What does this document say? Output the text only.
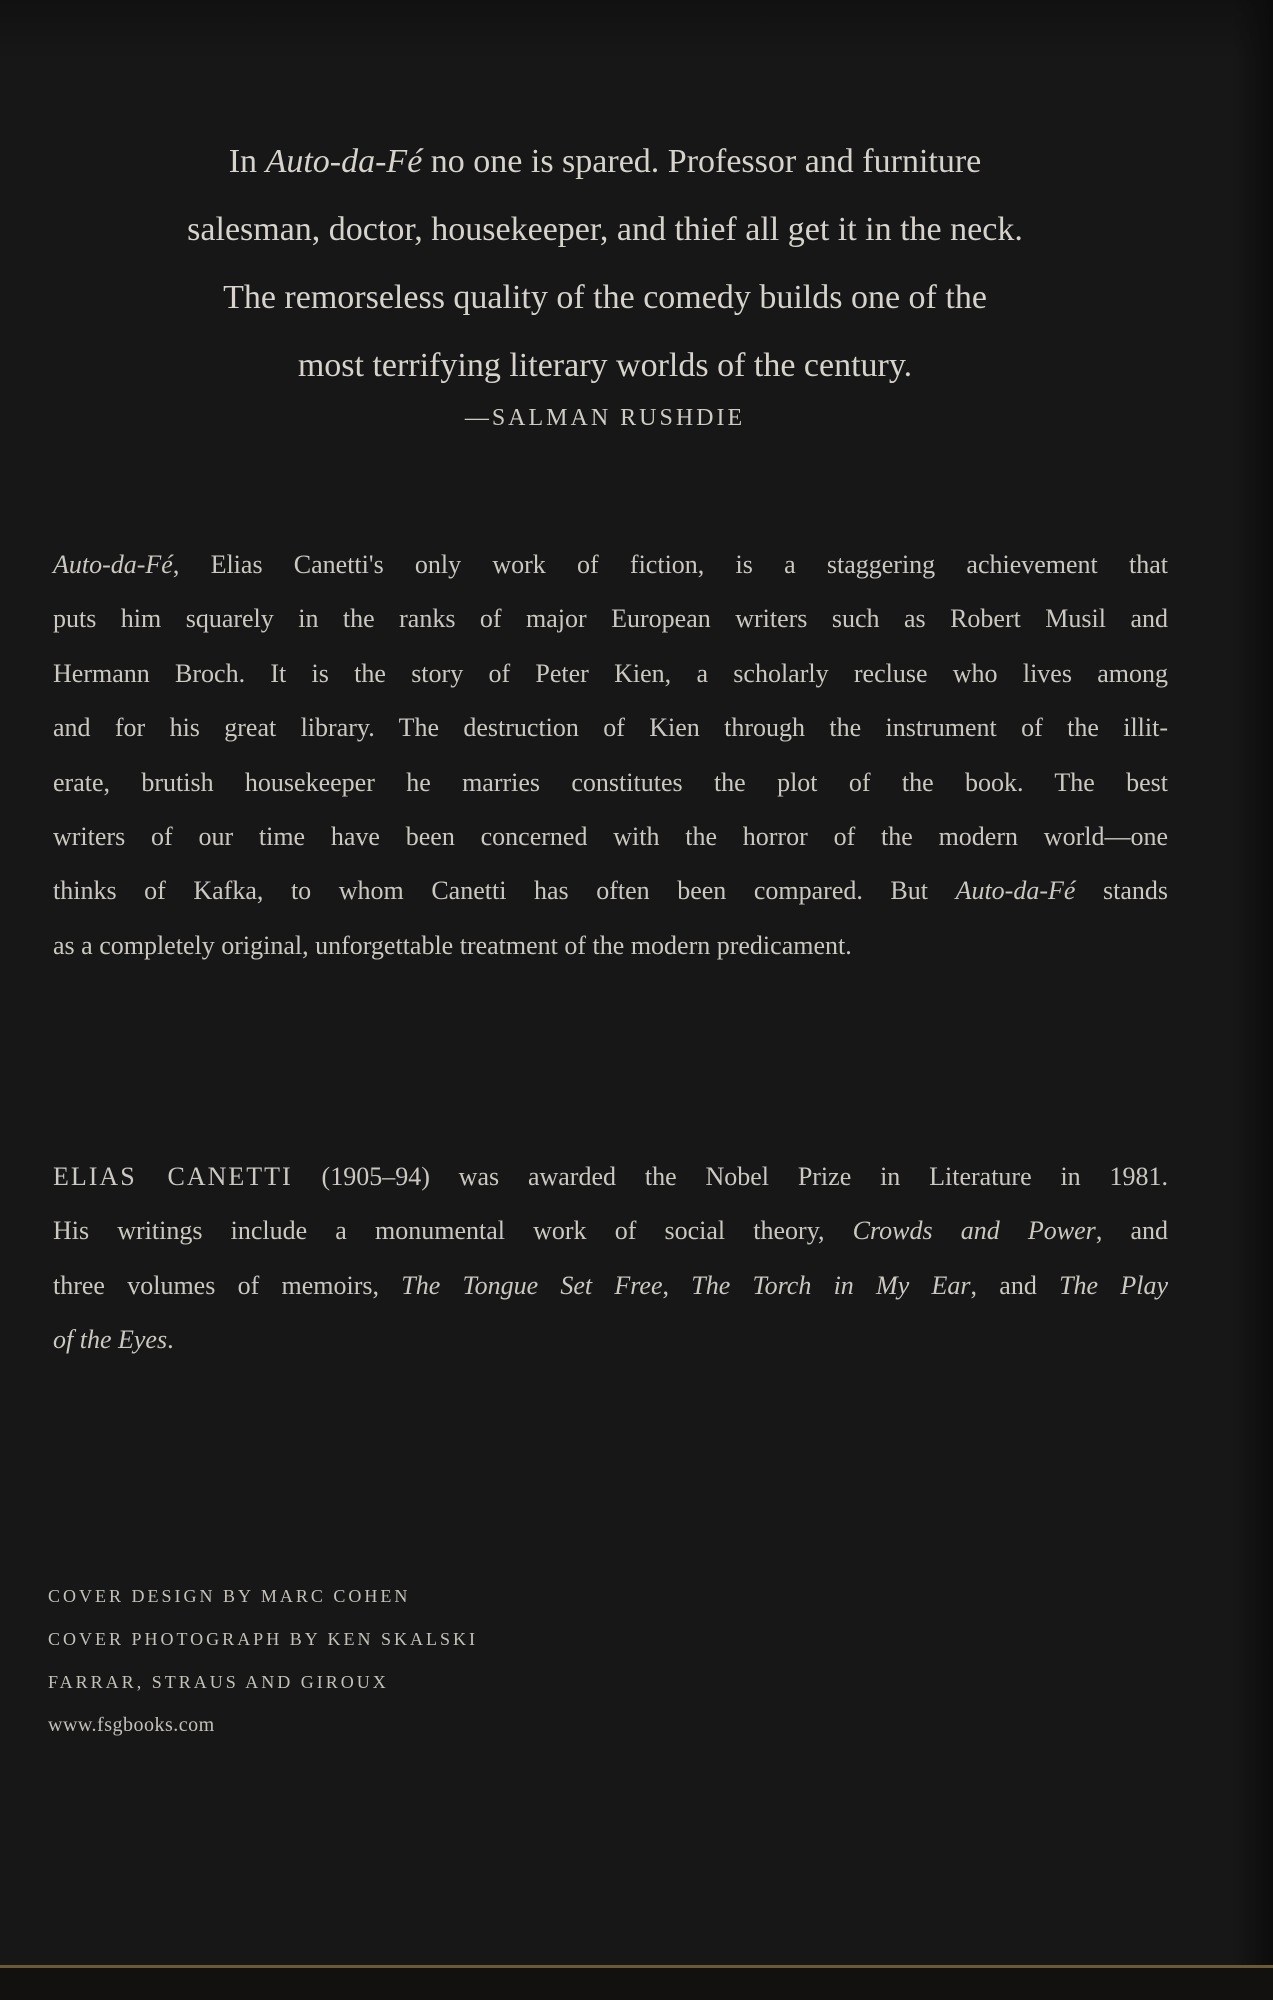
In Auto-da-Fé no one is spared. Professor and furniture
salesman, doctor, housekeeper, and thief all get it in the neck.
The remorseless quality of the comedy builds one of the
most terrifying literary worlds of the century.
—SALMAN RUSHDIE
Auto-da-Fé, Elias Canetti's only work of fiction, is a staggering achievement that
puts him squarely in the ranks of major European writers such as Robert Musil and
Hermann Broch. It is the story of Peter Kien, a scholarly recluse who lives among
and for his great library. The destruction of Kien through the instrument of the illit-
erate, brutish housekeeper he marries constitutes the plot of the book. The best
writers of our time have been concerned with the horror of the modern world—one
thinks of Kafka, to whom Canetti has often been compared. But Auto-da-Fé stands
as a completely original, unforgettable treatment of the modern predicament.
ELIAS CANETTI (1905–94) was awarded the Nobel Prize in Literature in 1981.
His writings include a monumental work of social theory, Crowds and Power, and
three volumes of memoirs, The Tongue Set Free, The Torch in My Ear, and The Play
of the Eyes.
COVER DESIGN BY MARC COHEN
COVER PHOTOGRAPH BY KEN SKALSKI
FARRAR, STRAUS AND GIROUX
www.fsgbooks.com
